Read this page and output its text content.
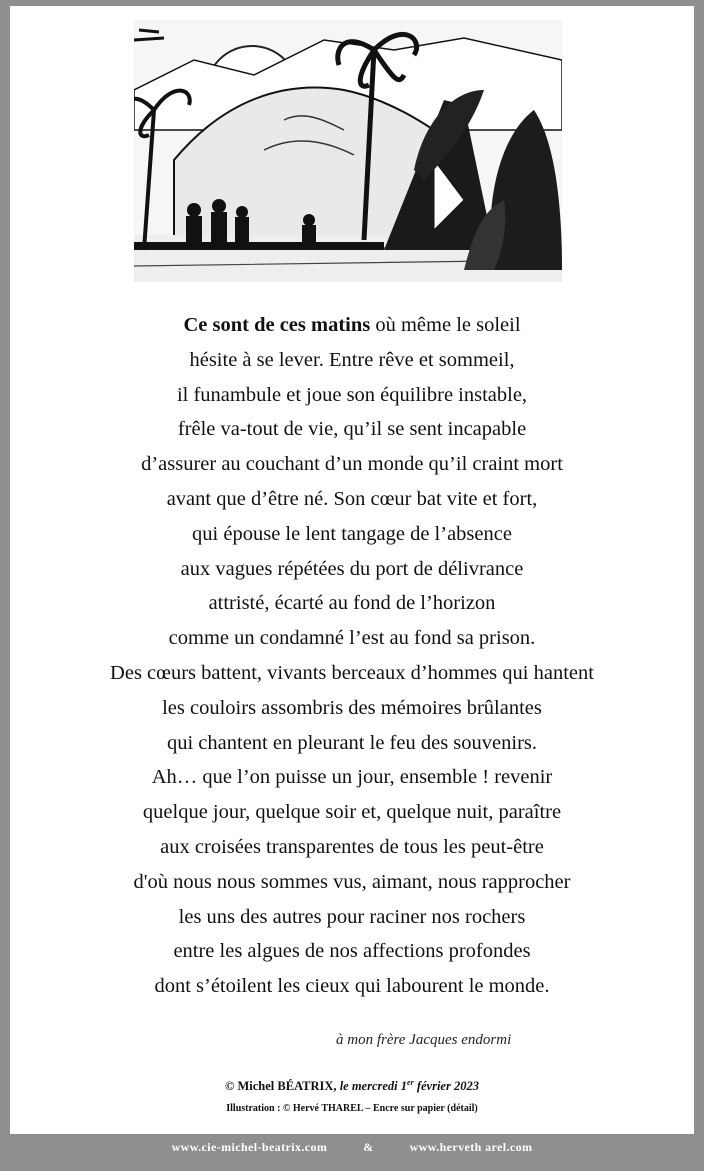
Ce sont de ces matins où même le soleil
hésite à se lever. Entre rêve et sommeil,
il funambule et joue son équilibre instable,
frêle va-tout de vie, qu’il se sent incapable
d’assurer au couchant d’un monde qu’il craint mort
avant que d’être né. Son cœur bat vite et fort,
qui épouse le lent tangage de l’absence
aux vagues répétées du port de délivrance
attristé, écarté au fond de l’horizon
comme un condamné l’est au fond sa prison.
Des cœurs battent, vivants berceaux d’hommes qui hantent
les couloirs assombris des mémoires brûlantes
qui chantent en pleurant le feu des souvenirs.
Ah… que l’on puisse un jour, ensemble ! revenir
quelque jour, quelque soir et, quelque nuit, paraître
aux croisées transparentes de tous les peut-être
d'où nous nous sommes vus, aimant, nous rapprocher
les uns des autres pour raciner nos rochers
entre les algues de nos affections profondes
dont s’étoilent les cieux qui labourent le monde.
à mon frère Jacques endormi
© Michel BÉATRIX, le mercredi 1er février 2023
Illustration : © Hervé THAREL – Encre sur papier (détail)
www.cie-michel-beatrix.com	&	www.herveth arel.com
